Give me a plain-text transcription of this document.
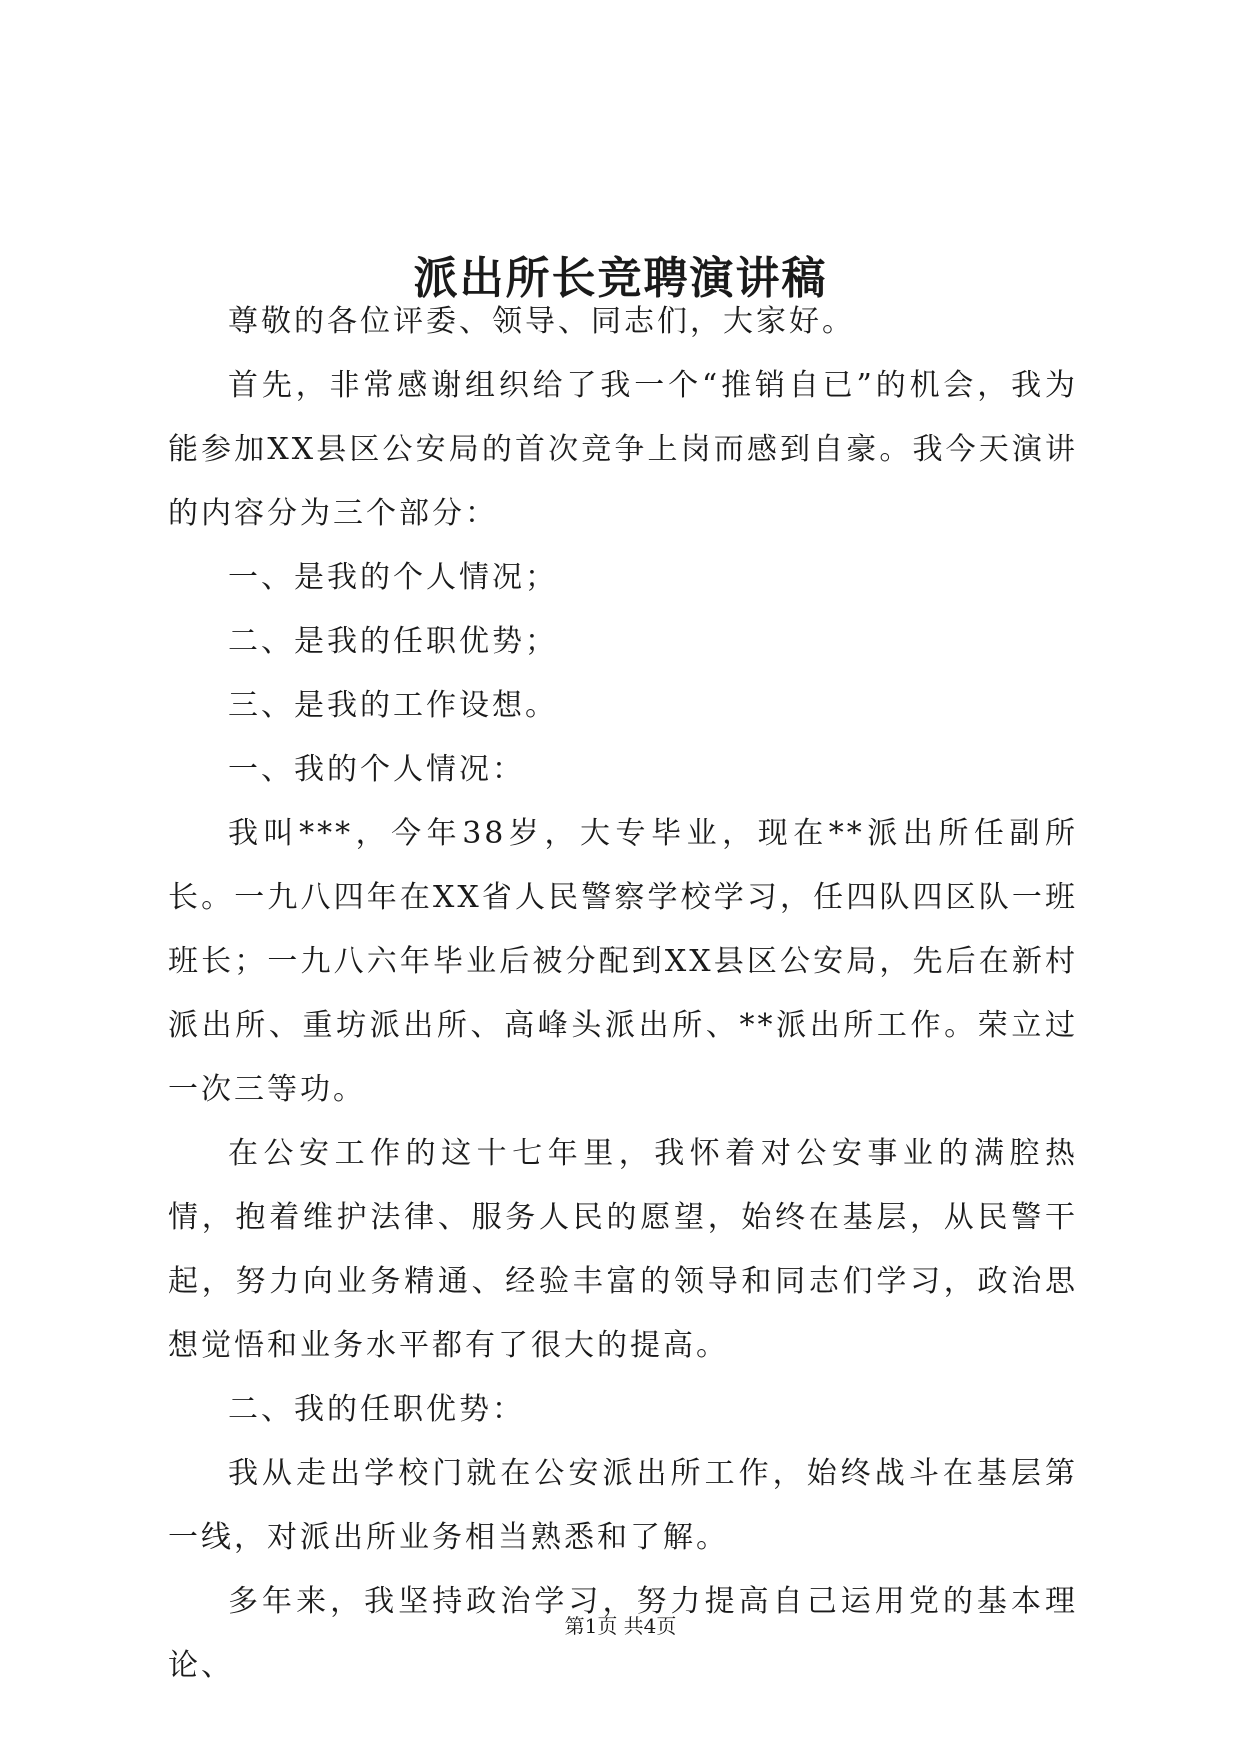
派出所长竞聘演讲稿

尊敬的各位评委、领导、同志们，大家好。

首先，非常感谢组织给了我一个“推销自已”的机会，我为能参加XX县区公安局的首次竞争上岗而感到自豪。我今天演讲的内容分为三个部分：

一、是我的个人情况；

二、是我的任职优势；

三、是我的工作设想。

一、我的个人情况：

我叫***，今年38岁，大专毕业，现在**派出所任副所长。一九八四年在XX省人民警察学校学习，任四队四区队一班班长；一九八六年毕业后被分配到XX县区公安局，先后在新村派出所、重坊派出所、高峰头派出所、**派出所工作。荣立过一次三等功。

在公安工作的这十七年里，我怀着对公安事业的满腔热情，抱着维护法律、服务人民的愿望，始终在基层，从民警干起，努力向业务精通、经验丰富的领导和同志们学习，政治思想觉悟和业务水平都有了很大的提高。

二、我的任职优势：

我从走出学校门就在公安派出所工作，始终战斗在基层第一线，对派出所业务相当熟悉和了解。

多年来，我坚持政治学习，努力提高自己运用党的基本理论、

第1页 共4页
